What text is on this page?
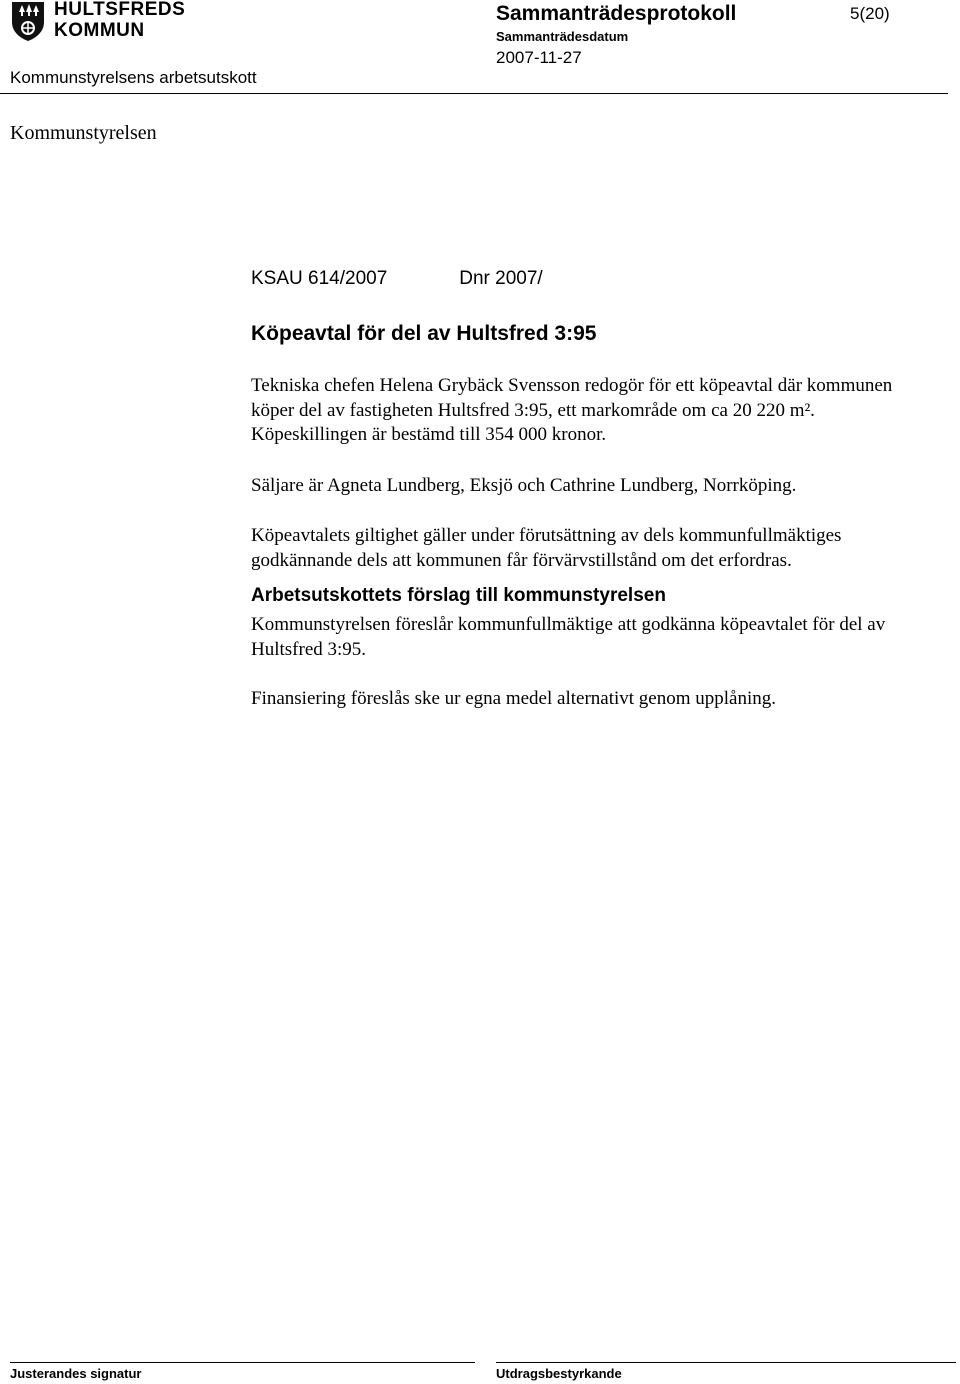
HULTSFREDS
KOMMUN
Sammanträdesprotokoll	5(20)
Sammanträdesdatum
2007-11-27
Kommunstyrelsens arbetsutskott
Kommunstyrelsen
KSAU 614/2007	Dnr 2007/
Köpeavtal för del av Hultsfred 3:95

Tekniska chefen Helena Grybäck Svensson redogör för ett köpeavtal där kommunen köper del av fastigheten Hultsfred 3:95, ett markområde om ca 20 220 m². Köpeskillingen är bestämd till 354 000 kronor.

Säljare är Agneta Lundberg, Eksjö och Cathrine Lundberg, Norrköping.

Köpeavtalets giltighet gäller under förutsättning av dels kommunfullmäktiges godkännande dels att kommunen får förvärvstillstånd om det erfordras.

Arbetsutskottets förslag till kommunstyrelsen

Kommunstyrelsen föreslår kommunfullmäktige att godkänna köpeavtalet för del av Hultsfred 3:95.

Finansiering föreslås ske ur egna medel alternativt genom upplåning.

Justerandes signatur	Utdragsbestyrkande
